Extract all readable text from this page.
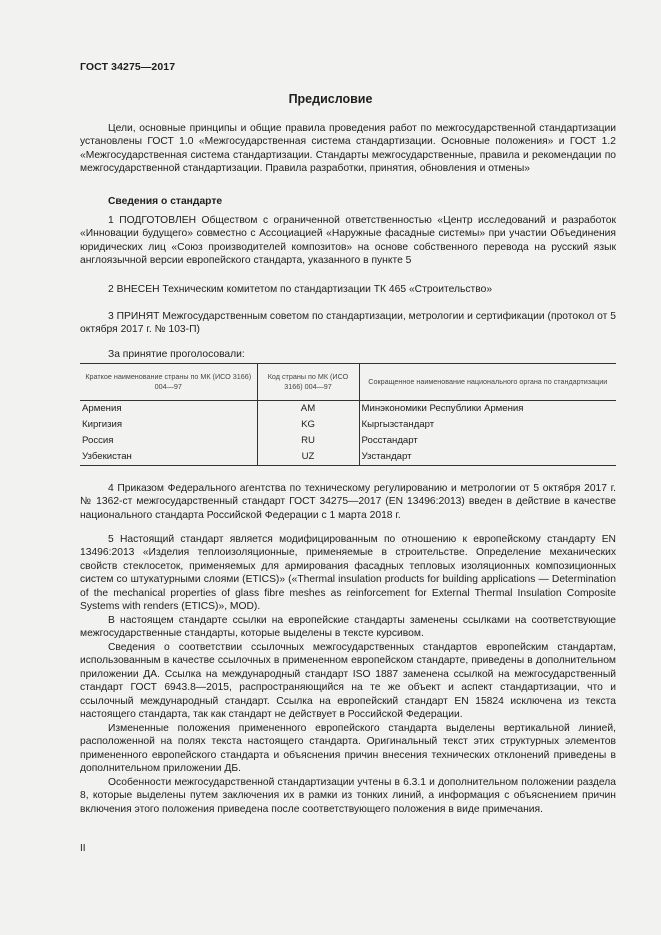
ГОСТ 34275—2017
Предисловие

Цели, основные принципы и общие правила проведения работ по межгосударственной стандартизации установлены ГОСТ 1.0 «Межгосударственная система стандартизации. Основные положения» и ГОСТ 1.2 «Межгосударственная система стандартизации. Стандарты межгосударственные, правила и рекомендации по межгосударственной стандартизации. Правила разработки, принятия, обновления и отмены»

Сведения о стандарте

1 ПОДГОТОВЛЕН Обществом с ограниченной ответственностью «Центр исследований и разработок «Инновации будущего» совместно с Ассоциацией «Наружные фасадные системы» при участии Объединения юридических лиц «Союз производителей композитов» на основе собственного перевода на русский язык англоязычной версии европейского стандарта, указанного в пункте 5

2 ВНЕСЕН Техническим комитетом по стандартизации ТК 465 «Строительство»

3 ПРИНЯТ Межгосударственным советом по стандартизации, метрологии и сертификации (протокол от 5 октября 2017 г. № 103-П)

За принятие проголосовали:
Краткое наименование страны по МК (ИСО 3166) 004—97	Код страны по МК (ИСО 3166) 004—97	Сокращенное наименование национального органа по стандартизации
Армения	AM	Минэкономики Республики Армения
Киргизия	KG	Кыргызстандарт
Россия	RU	Росстандарт
Узбекистан	UZ	Узстандарт

4 Приказом Федерального агентства по техническому регулированию и метрологии от 5 октября 2017 г. № 1362-ст межгосударственный стандарт ГОСТ 34275—2017 (EN 13496:2013) введен в действие в качестве национального стандарта Российской Федерации с 1 марта 2018 г.

5 Настоящий стандарт является модифицированным по отношению к европейскому стандарту EN 13496:2013 «Изделия теплоизоляционные, применяемые в строительстве. Определение механических свойств стеклосеток, применяемых для армирования фасадных тепловых изоляционных композиционных систем со штукатурными слоями (ETICS)» («Thermal insulation products for building applications — Determination of the mechanical properties of glass fibre meshes as reinforcement for External Thermal Insulation Composite Systems with renders (ETICS)», MOD).

В настоящем стандарте ссылки на европейские стандарты заменены ссылками на соответствующие межгосударственные стандарты, которые выделены в тексте курсивом.

Сведения о соответствии ссылочных межгосударственных стандартов европейским стандартам, использованным в качестве ссылочных в примененном европейском стандарте, приведены в дополнительном приложении ДА. Ссылка на международный стандарт ISO 1887 заменена ссылкой на межгосударственный стандарт ГОСТ 6943.8—2015, распространяющийся на те же объект и аспект стандартизации, что и ссылочный международный стандарт. Ссылка на европейский стандарт EN 15824 исключена из текста настоящего стандарта, так как стандарт не действует в Российской Федерации.

Измененные положения примененного европейского стандарта выделены вертикальной линией, расположенной на полях текста настоящего стандарта. Оригинальный текст этих структурных элементов примененного европейского стандарта и объяснения причин внесения технических отклонений приведены в дополнительном приложении ДБ.

Особенности межгосударственной стандартизации учтены в 6.3.1 и дополнительном положении раздела 8, которые выделены путем заключения их в рамки из тонких линий, а информация с объяснением причин включения этого положения приведена после соответствующего положения в виде примечания.

II
